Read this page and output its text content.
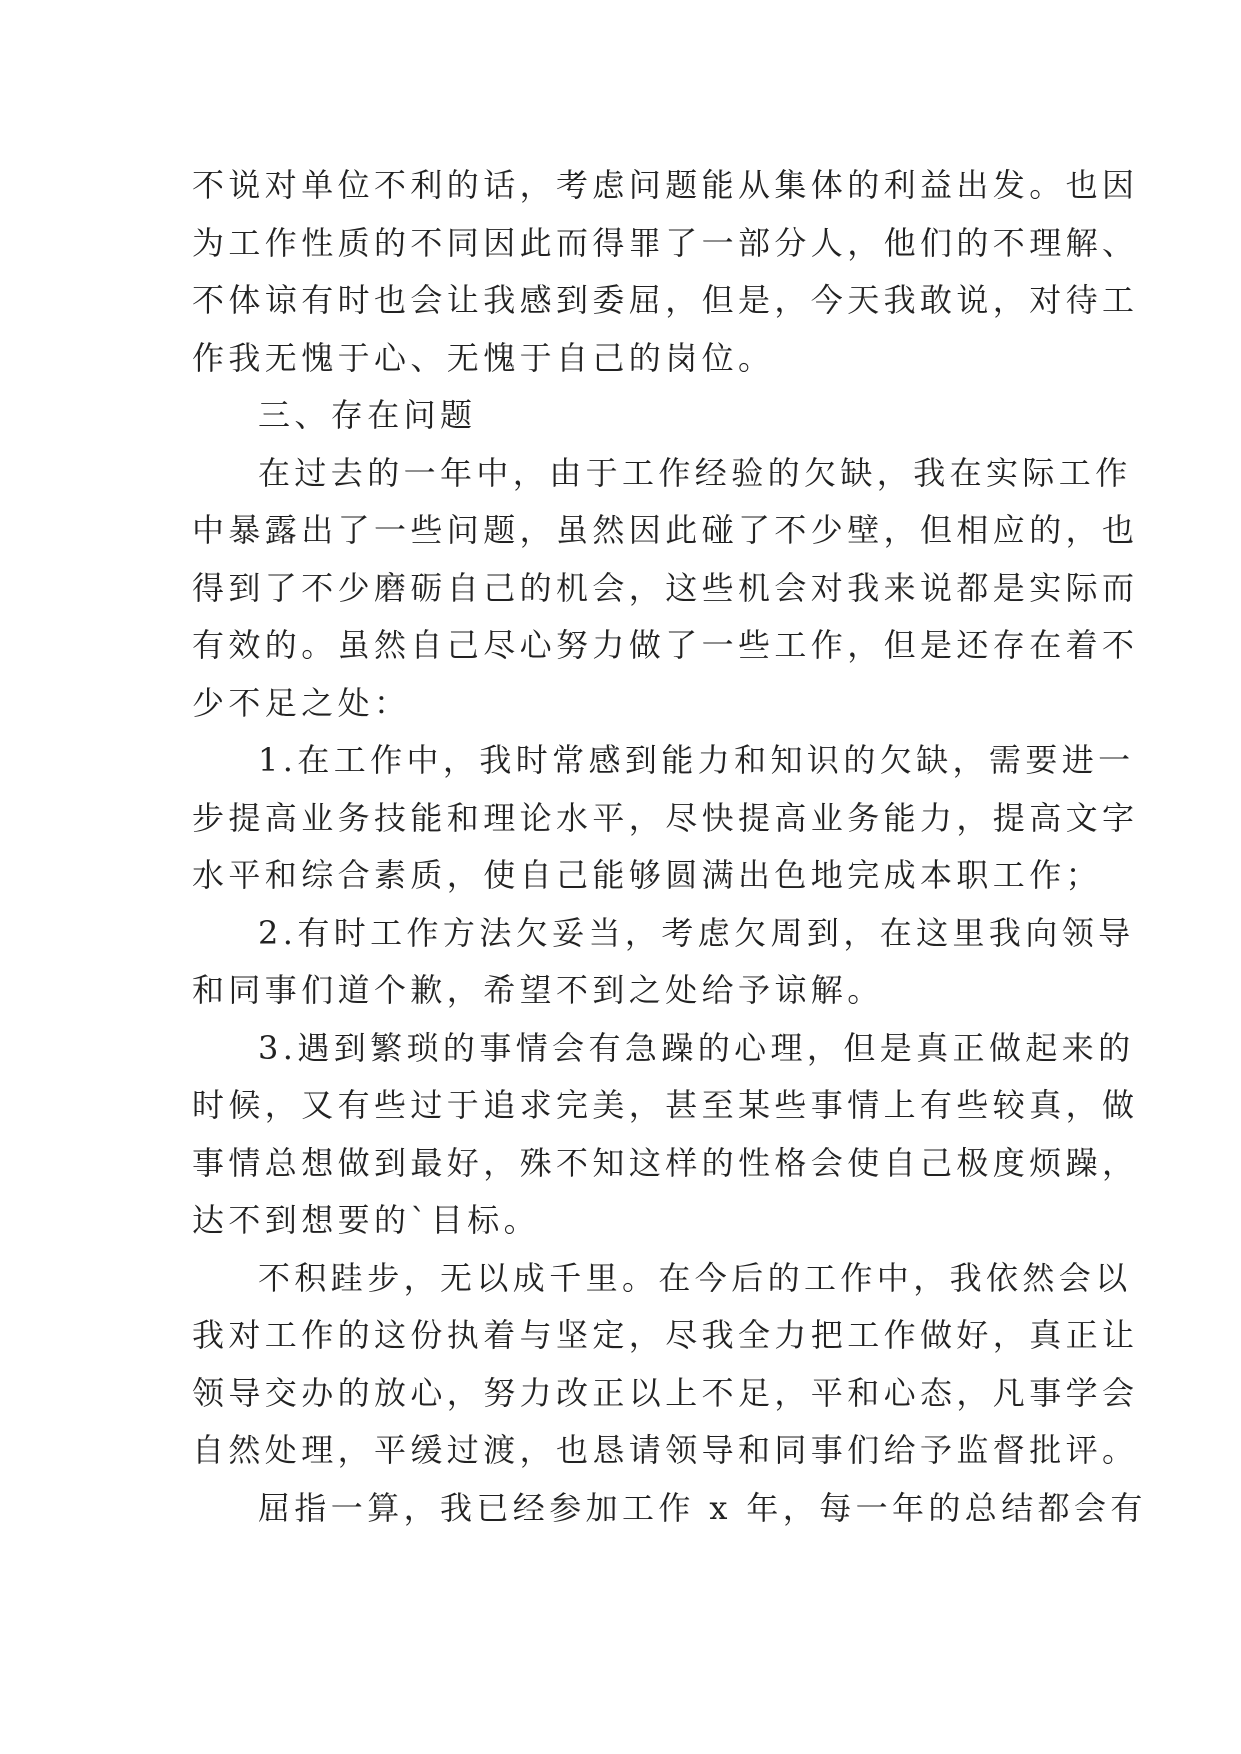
不说对单位不利的话，考虑问题能从集体的利益出发。也因
为工作性质的不同因此而得罪了一部分人，他们的不理解、
不体谅有时也会让我感到委屈，但是，今天我敢说，对待工
作我无愧于心、无愧于自己的岗位。
三、存在问题
在过去的一年中，由于工作经验的欠缺，我在实际工作
中暴露出了一些问题，虽然因此碰了不少壁，但相应的，也
得到了不少磨砺自己的机会，这些机会对我来说都是实际而
有效的。虽然自己尽心努力做了一些工作，但是还存在着不
少不足之处：
1.在工作中，我时常感到能力和知识的欠缺，需要进一
步提高业务技能和理论水平，尽快提高业务能力，提高文字
水平和综合素质，使自己能够圆满出色地完成本职工作；
2.有时工作方法欠妥当，考虑欠周到，在这里我向领导
和同事们道个歉，希望不到之处给予谅解。
3.遇到繁琐的事情会有急躁的心理，但是真正做起来的
时候，又有些过于追求完美，甚至某些事情上有些较真，做
事情总想做到最好，殊不知这样的性格会使自己极度烦躁，
达不到想要的`目标。
不积跬步，无以成千里。在今后的工作中，我依然会以
我对工作的这份执着与坚定，尽我全力把工作做好，真正让
领导交办的放心，努力改正以上不足，平和心态，凡事学会
自然处理，平缓过渡，也恳请领导和同事们给予监督批评。
屈指一算，我已经参加工作 x 年，每一年的总结都会有
